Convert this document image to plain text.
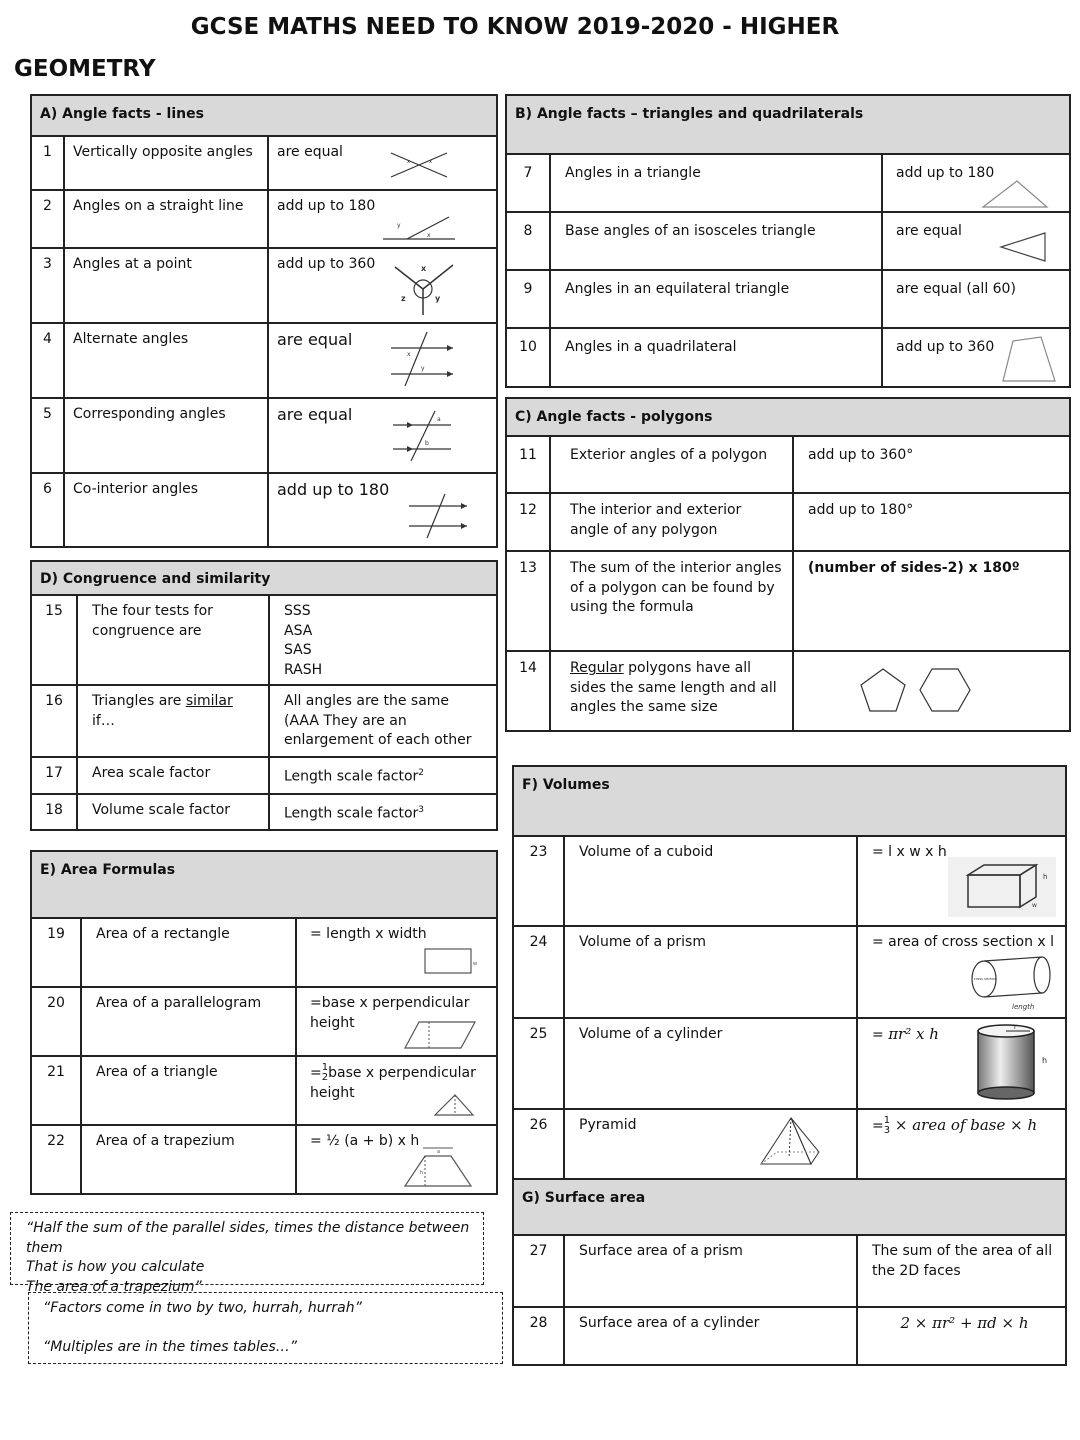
GCSE MATHS NEED TO KNOW 2019-2020 - HIGHER
GEOMETRY
A) Angle facts - lines		
1	Vertically opposite angles	are equal
x x

2	Angles on a straight line	add up to 180
y
x

3	Angles at a point	add up to 360 x
y
z

4	Alternate angles	are equal
x
y

5	Corresponding angles	are equal a
b

6	Co-interior angles	add up to 180
B) Angle facts – triangles and quadrilaterals		
7	Angles in a triangle	add up to 180

8	Base angles of an isosceles triangle	are equal

9	Angles in an equilateral triangle	are equal (all 60)
10	Angles in a quadrilateral	add up to 360
C) Angle facts - polygons		
11	Exterior angles of a polygon	add up to 360°
12	The interior and exterior angle of any polygon	add up to 180°
13	The sum of the interior angles of a polygon can be found by using the formula	(number of sides-2) x 180º
14	Regular polygons have all sides the same length and all angles the same size	
D) Congruence and similarity		
15	The four tests for congruence are	SSS
ASA
SAS
RASH

16	Triangles are similar if…	All angles are the same (AAA They are an enlargement of each other
17	Area scale factor	Length scale factor$^2$
18	Volume scale factor	Length scale factor$^3$
E) Area Formulas		
19	Area of a rectangle	= length x width
w

20	Area of a parallelogram	=base x perpendicular height

21	Area of a triangle	=1
2base x perpendicular height

22	Area of a trapezium	= ½ (a + b) x h
a
h
F) Volumes		
23	Volume of a cuboid	= l x w x h
h
w

24	Volume of a prism	= area of cross section x l
cross section
length

25	Volume of a cylinder	= πr² x h r
h

26	Pyramid	=1
3 × area of base × h
G) Surface area		
27	Surface area of a prism	The sum of the area of all the 2D faces
28	Surface area of a cylinder	2 × πr² + πd × h
“Half the sum of the parallel sides, times the distance between them
That is how you calculate
The area of a trapezium”
“Factors come in two by two, hurrah, hurrah”
“Multiples are in the times tables…”
